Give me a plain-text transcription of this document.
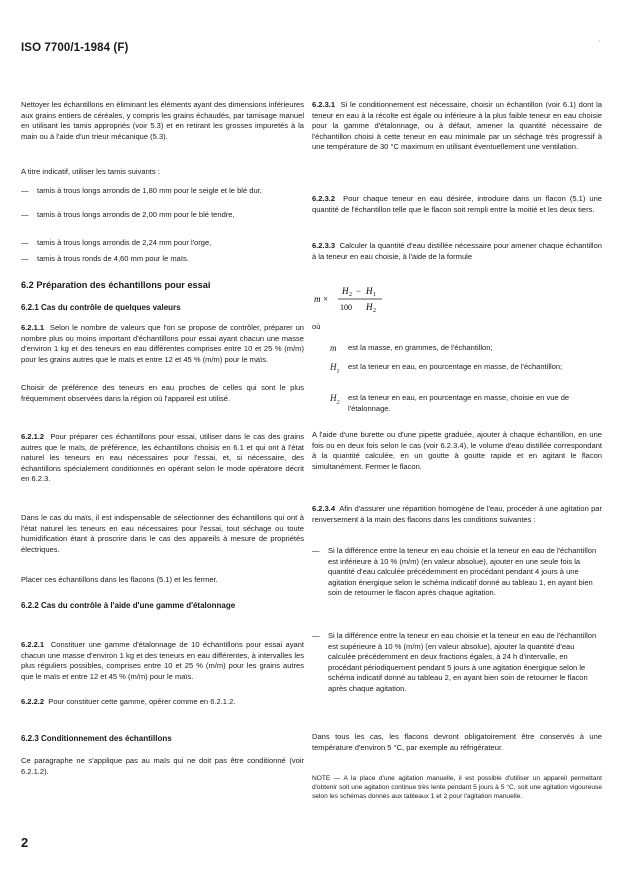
ISO 7700/1-1984 (F)
·

Nettoyer les échantillons en éliminant les éléments ayant des dimensions inférieures aux grains entiers de céréales, y compris les grains échaudés, par tamisage manuel en utilisant les tamis appropriés (voir 5.3) et en retirant les grosses impuretés à la main ou à l'aide d'un trieur mécanique (5.3).

A titre indicatif, utiliser les tamis suivants :

—	tamis à trous longs arrondis de 1,80 mm pour le seigle et le blé dur,
—	tamis à trous longs arrondis de 2,00 mm pour le blé tendre,
—	tamis à trous longs arrondis de 2,24 mm pour l'orge,
—	tamis à trous ronds de 4,60 mm pour le maïs.
6.2 Préparation des échantillons pour essai
6.2.1 Cas du contrôle de quelques valeurs

6.2.1.1 Selon le nombre de valeurs que l'on se propose de contrôler, préparer un nombre plus ou moins important d'échantillons pour essai ayant chacun une masse d'environ 1 kg et des teneurs en eau différentes comprises entre 10 et 25 % (m/m) pour les grains autres que le maïs et entre 12 et 45 % (m/m) pour le maïs.

Choisir de préférence des teneurs en eau proches de celles qui sont le plus fréquemment observées dans la région où l'appareil est utilisé.

6.2.1.2 Pour préparer ces échantillons pour essai, utiliser dans le cas des grains autres que le maïs, de préférence, les échantillons choisis en 6.1 et qui ont à l'état naturel les teneurs en eau nécessaires pour l'essai, et, si nécessaire, des échantillons spécialement conditionnés en opérant selon le mode opératoire décrit en 6.2.3.

Dans le cas du maïs, il est indispensable de sélectionner des échantillons qui ont à l'état naturel les teneurs en eau nécessaires pour l'essai, tout séchage ou toute humidification étant à proscrire dans le cas des appareils à mesure de propriétés électriques.

Placer ces échantillons dans les flacons (5.1) et les fermer.

6.2.2 Cas du contrôle à l'aide d'une gamme d'étalonnage

6.2.2.1 Constituer une gamme d'étalonnage de 10 échantillons pour essai ayant chacun une masse d'environ 1 kg et des teneurs en eau différentes, à intervalles les plus réguliers possibles, comprises entre 10 et 25 % (m/m) pour les grains autres que le maïs et entre 12 et 45 % (m/m) pour le maïs.

6.2.2.2 Pour constituer cette gamme, opérer comme en 6.2.1.2.

6.2.3 Conditionnement des échantillons

Ce paragraphe ne s'applique pas au maïs qui ne doit pas être conditionné (voir 6.2.1.2).

6.2.3.1 Si le conditionnement est nécessaire, choisir un échantillon (voir 6.1) dont la teneur en eau à la récolte est égale ou inférieure à la plus faible teneur en eau choisie pour la gamme d'étalonnage, ou à défaut, amener la quantité nécessaire de l'échantillon choisi à cette teneur en eau minimale par un séchage très progressif à une température de 30 °C maximum en utilisant éventuellement une ventilation.

6.2.3.2 Pour chaque teneur en eau désirée, introduire dans un flacon (5.1) une quantité de l'échantillon telle que le flacon soit rempli entre la moitié et les deux tiers.

6.2.3.3 Calculer la quantité d'eau distillée nécessaire pour amener chaque échantillon à la teneur en eau choisie, à l'aide de la formule

m ×
H 2 − H 1
100 H 2
où
m	est la masse, en grammes, de l'échantillon;
$H_1$
est la teneur en eau, en pourcentage en masse, de l'échantillon;
$H_2$
est la teneur en eau, en pourcentage en masse, choisie en vue de l'étalonnage.

A l'aide d'une burette ou d'une pipette graduée, ajouter à chaque échantillon, en une fois ou en deux fois selon le cas (voir 6.2.3.4), le volume d'eau distillée correspondant à la quantité calculée, en un goutte à goutte rapide et en agitant le flacon simultanément. Fermer le flacon.

6.2.3.4 Afin d'assurer une répartition homogène de l'eau, procéder à une agitation par renversement à la main des flacons dans les conditions suivantes :

—	Si la différence entre la teneur en eau choisie et la teneur en eau de l'échantillon est inférieure à 10 % (m/m) (en valeur absolue), ajouter en une seule fois la quantité d'eau calculée précédemment en procédant pendant 4 jours à une agitation énergique selon le schéma indicatif donné au tableau 1, en ayant bien soin de retourner le flacon après chaque agitation.
—	Si la différence entre la teneur en eau choisie et la teneur en eau de l'échantillon est supérieure à 10 % (m/m) (en valeur absolue), ajouter la quantité d'eau calculée précédemment en deux fractions égales, à 24 h d'intervalle, en procédant périodiquement pendant 5 jours à une agitation énergique selon le schéma indicatif donné au tableau 2, en ayant bien soin de retourner le flacon après chaque agitation.

Dans tous les cas, les flacons devront obligatoirement être conservés à une température d'environ 5 °C, par exemple au réfrigérateur.

NOTE — A la place d'une agitation manuelle, il est possible d'utiliser un appareil permettant d'obtenir soit une agitation continue très lente pendant 5 jours à 5 °C, soit une agitation vigoureuse selon les schémas donnés aux tableaux 1 et 2 pour l'agitation manuelle.

2
